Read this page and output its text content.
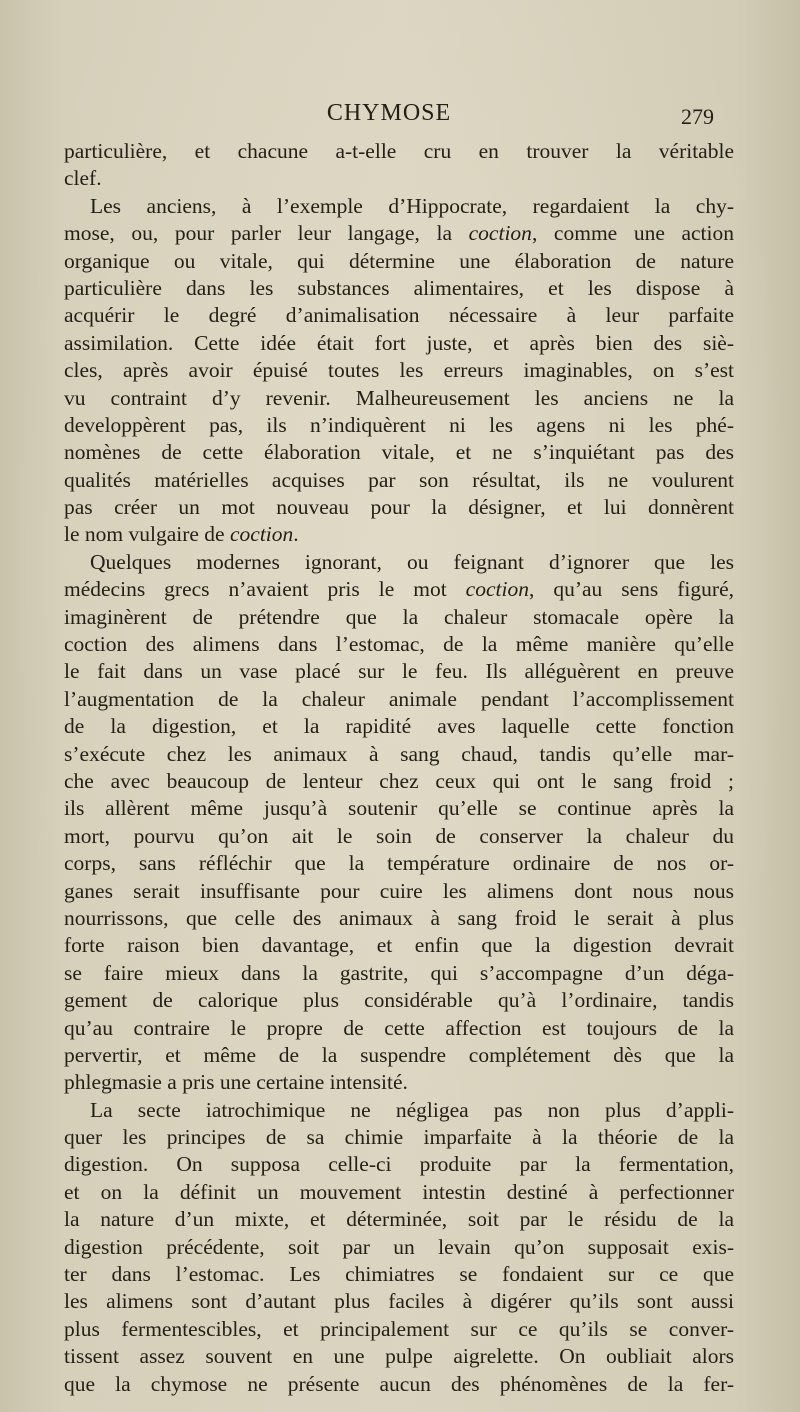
CHYMOSE	279
particulière, et chacune a-t-elle cru en trouver la véritable
clef.
Les anciens, à l’exemple d’Hippocrate, regardaient la chy-
mose, ou, pour parler leur langage, la coction, comme une action
organique ou vitale, qui détermine une élaboration de nature
particulière dans les substances alimentaires, et les dispose à
acquérir le degré d’animalisation nécessaire à leur parfaite
assimilation. Cette idée était fort juste, et après bien des siè-
cles, après avoir épuisé toutes les erreurs imaginables, on s’est
vu contraint d’y revenir. Malheureusement les anciens ne la
developpèrent pas, ils n’indiquèrent ni les agens ni les phé-
nomènes de cette élaboration vitale, et ne s’inquiétant pas des
qualités matérielles acquises par son résultat, ils ne voulurent
pas créer un mot nouveau pour la désigner, et lui donnèrent
le nom vulgaire de coction.
Quelques modernes ignorant, ou feignant d’ignorer que les
médecins grecs n’avaient pris le mot coction, qu’au sens figuré,
imaginèrent de prétendre que la chaleur stomacale opère la
coction des alimens dans l’estomac, de la même manière qu’elle
le fait dans un vase placé sur le feu. Ils alléguèrent en preuve
l’augmentation de la chaleur animale pendant l’accomplissement
de la digestion, et la rapidité aves laquelle cette fonction
s’exécute chez les animaux à sang chaud, tandis qu’elle mar-
che avec beaucoup de lenteur chez ceux qui ont le sang froid ;
ils allèrent même jusqu’à soutenir qu’elle se continue après la
mort, pourvu qu’on ait le soin de conserver la chaleur du
corps, sans réfléchir que la température ordinaire de nos or-
ganes serait insuffisante pour cuire les alimens dont nous nous
nourrissons, que celle des animaux à sang froid le serait à plus
forte raison bien davantage, et enfin que la digestion devrait
se faire mieux dans la gastrite, qui s’accompagne d’un déga-
gement de calorique plus considérable qu’à l’ordinaire, tandis
qu’au contraire le propre de cette affection est toujours de la
pervertir, et même de la suspendre complétement dès que la
phlegmasie a pris une certaine intensité.
La secte iatrochimique ne négligea pas non plus d’appli-
quer les principes de sa chimie imparfaite à la théorie de la
digestion. On supposa celle-ci produite par la fermentation,
et on la définit un mouvement intestin destiné à perfectionner
la nature d’un mixte, et déterminée, soit par le résidu de la
digestion précédente, soit par un levain qu’on supposait exis-
ter dans l’estomac. Les chimiatres se fondaient sur ce que
les alimens sont d’autant plus faciles à digérer qu’ils sont aussi
plus fermentescibles, et principalement sur ce qu’ils se conver-
tissent assez souvent en une pulpe aigrelette. On oubliait alors
que la chymose ne présente aucun des phénomènes de la fer-
